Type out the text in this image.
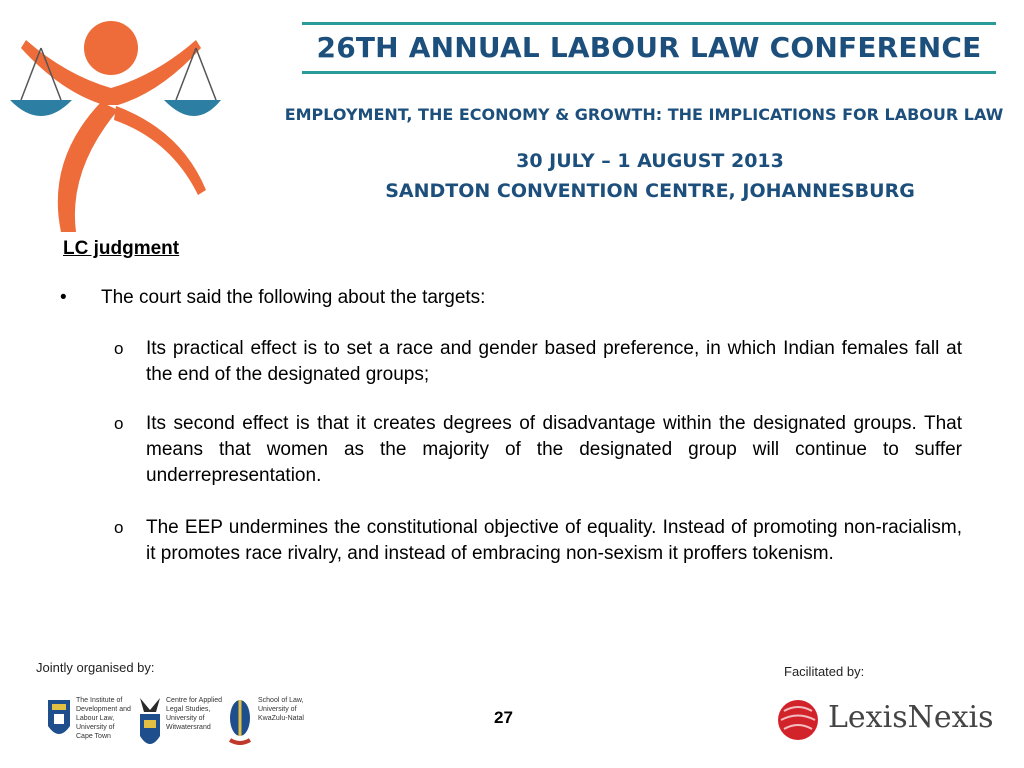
26TH ANNUAL LABOUR LAW CONFERENCE
EMPLOYMENT, THE ECONOMY & GROWTH: THE IMPLICATIONS FOR LABOUR LAW
30 JULY – 1 AUGUST 2013
SANDTON CONVENTION CENTRE, JOHANNESBURG
LC judgment
• The court said the following about the targets:
o Its practical effect is to set a race and gender based preference, in which Indian females fall at the end of the designated groups;
o Its second effect is that it creates degrees of disadvantage within the designated groups. That means that women as the majority of the designated group will continue to suffer underrepresentation.
o The EEP undermines the constitutional objective of equality. Instead of promoting non-racialism, it promotes race rivalry, and instead of embracing non-sexism it proffers tokenism.
Jointly organised by:	Facilitated by:
27
The Institute of
Development and
Labour Law,
University of
Cape Town
Centre for Applied
Legal Studies,
University of
Witwatersrand
School of Law,
University of
KwaZulu-Natal	LexisNexis
